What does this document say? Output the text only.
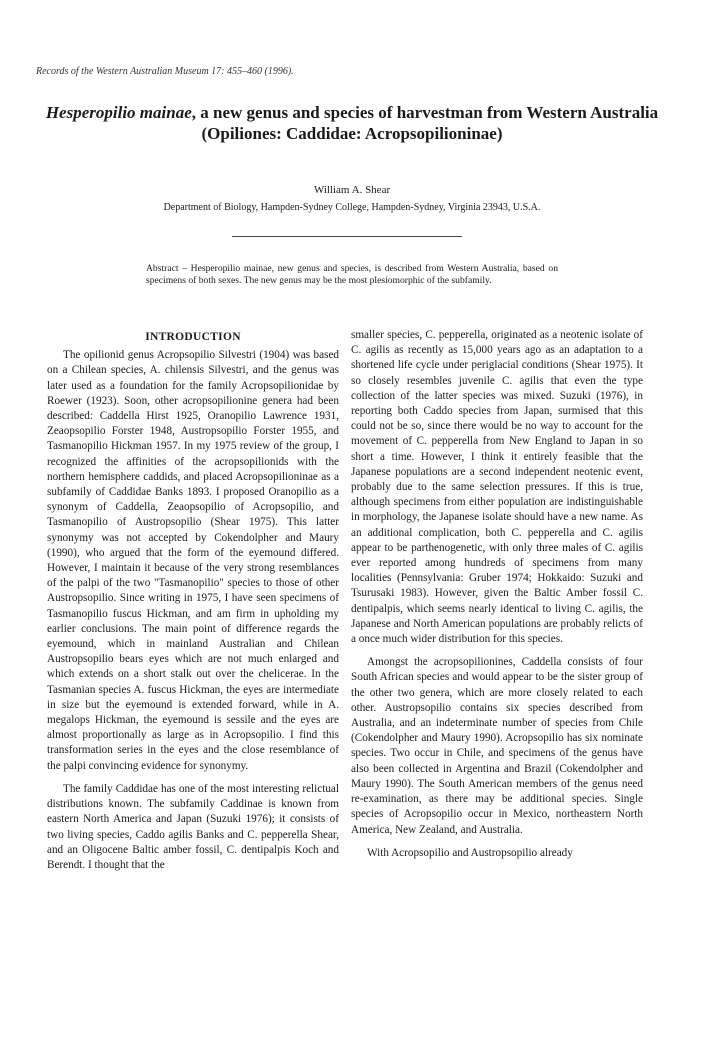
Records of the Western Australian Museum 17: 455–460 (1996).
Hesperopilio mainae, a new genus and species of harvestman from Western Australia (Opiliones: Caddidae: Acropsopilioninae)
William A. Shear
Department of Biology, Hampden-Sydney College, Hampden-Sydney, Virginia 23943, U.S.A.
Abstract – Hesperopilio mainae, new genus and species, is described from Western Australia, based on specimens of both sexes. The new genus may be the most plesiomorphic of the subfamily.
INTRODUCTION

The opilionid genus Acropsopilio Silvestri (1904) was based on a Chilean species, A. chilensis Silvestri, and the genus was later used as a foundation for the family Acropsopilionidae by Roewer (1923). Soon, other acropsopilionine genera had been described: Caddella Hirst 1925, Oranopilio Lawrence 1931, Zeaopsopilio Forster 1948, Austropsopilio Forster 1955, and Tasmanopilio Hickman 1957. In my 1975 review of the group, I recognized the affinities of the acropsopilionids with the northern hemisphere caddids, and placed Acropsopilioninae as a subfamily of Caddidae Banks 1893. I proposed Oranopilio as a synonym of Caddella, Zeaopsopilio of Acropsopilio, and Tasmanopilio of Austropsopilio (Shear 1975). This latter synonymy was not accepted by Cokendolpher and Maury (1990), who argued that the form of the eyemound differed. However, I maintain it because of the very strong resemblances of the palpi of the two "Tasmanopilio" species to those of other Austropsopilio. Since writing in 1975, I have seen specimens of Tasmanopilio fuscus Hickman, and am firm in upholding my earlier conclusions. The main point of difference regards the eyemound, which in mainland Australian and Chilean Austropsopilio bears eyes which are not much enlarged and which extends on a short stalk out over the chelicerae. In the Tasmanian species A. fuscus Hickman, the eyes are intermediate in size but the eyemound is extended forward, while in A. megalops Hickman, the eyemound is sessile and the eyes are almost proportionally as large as in Acropsopilio. I find this transformation series in the eyes and the close resemblance of the palpi convincing evidence for synonymy.

The family Caddidae has one of the most interesting relictual distributions known. The subfamily Caddinae is known from eastern North America and Japan (Suzuki 1976); it consists of two living species, Caddo agilis Banks and C. pepperella Shear, and an Oligocene Baltic amber fossil, C. dentipalpis Koch and Berendt. I thought that the

smaller species, C. pepperella, originated as a neotenic isolate of C. agilis as recently as 15,000 years ago as an adaptation to a shortened life cycle under periglacial conditions (Shear 1975). It so closely resembles juvenile C. agilis that even the type collection of the latter species was mixed. Suzuki (1976), in reporting both Caddo species from Japan, surmised that this could not be so, since there would be no way to account for the movement of C. pepperella from New England to Japan in so short a time. However, I think it entirely feasible that the Japanese populations are a second independent neotenic event, probably due to the same selection pressures. If this is true, although specimens from either population are indistinguishable in morphology, the Japanese isolate should have a new name. As an additional complication, both C. pepperella and C. agilis appear to be parthenogenetic, with only three males of C. agilis ever reported among hundreds of specimens from many localities (Pennsylvania: Gruber 1974; Hokkaido: Suzuki and Tsurusaki 1983). However, given the Baltic Amber fossil C. dentipalpis, which seems nearly identical to living C. agilis, the Japanese and North American populations are probably relicts of a once much wider distribution for this species.

Amongst the acropsopilionines, Caddella consists of four South African species and would appear to be the sister group of the other two genera, which are more closely related to each other. Austropsopilio contains six species described from Australia, and an indeterminate number of species from Chile (Cokendolpher and Maury 1990). Acropsopilio has six nominate species. Two occur in Chile, and specimens of the genus have also been collected in Argentina and Brazil (Cokendolpher and Maury 1990). The South American members of the genus need re-examination, as there may be additional species. Single species of Acropsopilio occur in Mexico, northeastern North America, New Zealand, and Australia.

With Acropsopilio and Austropsopilio already
